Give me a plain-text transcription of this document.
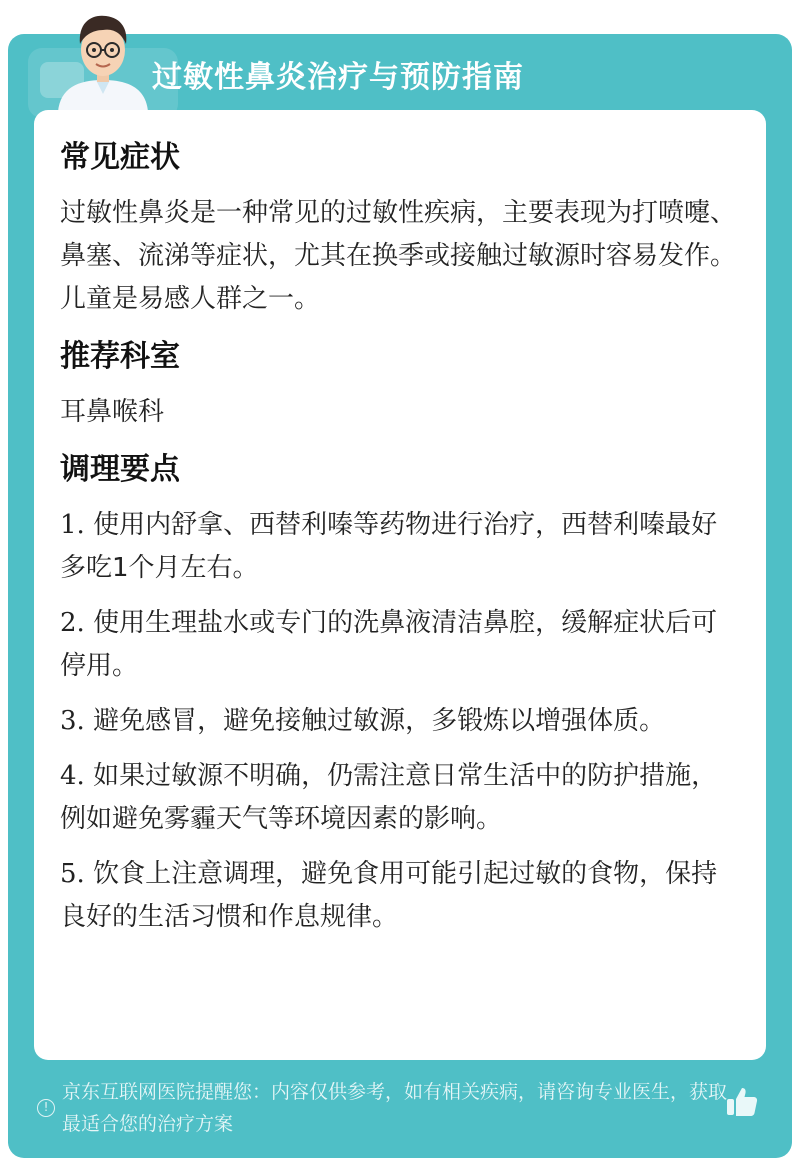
过敏性鼻炎治疗与预防指南
常见症状
过敏性鼻炎是一种常见的过敏性疾病，主要表现为打喷嚏、鼻塞、流涕等症状，尤其在换季或接触过敏源时容易发作。儿童是易感人群之一。
推荐科室
耳鼻喉科
调理要点
1. 使用内舒拿、西替利嗪等药物进行治疗，西替利嗪最好多吃1个月左右。
2. 使用生理盐水或专门的洗鼻液清洁鼻腔，缓解症状后可停用。
3. 避免感冒，避免接触过敏源，多锻炼以增强体质。
4. 如果过敏源不明确，仍需注意日常生活中的防护措施，例如避免雾霾天气等环境因素的影响。
5. 饮食上注意调理，避免食用可能引起过敏的食物，保持良好的生活习惯和作息规律。
!
京东互联网医院提醒您：内容仅供参考，如有相关疾病，请咨询专业医生，获取最适合您的治疗方案
